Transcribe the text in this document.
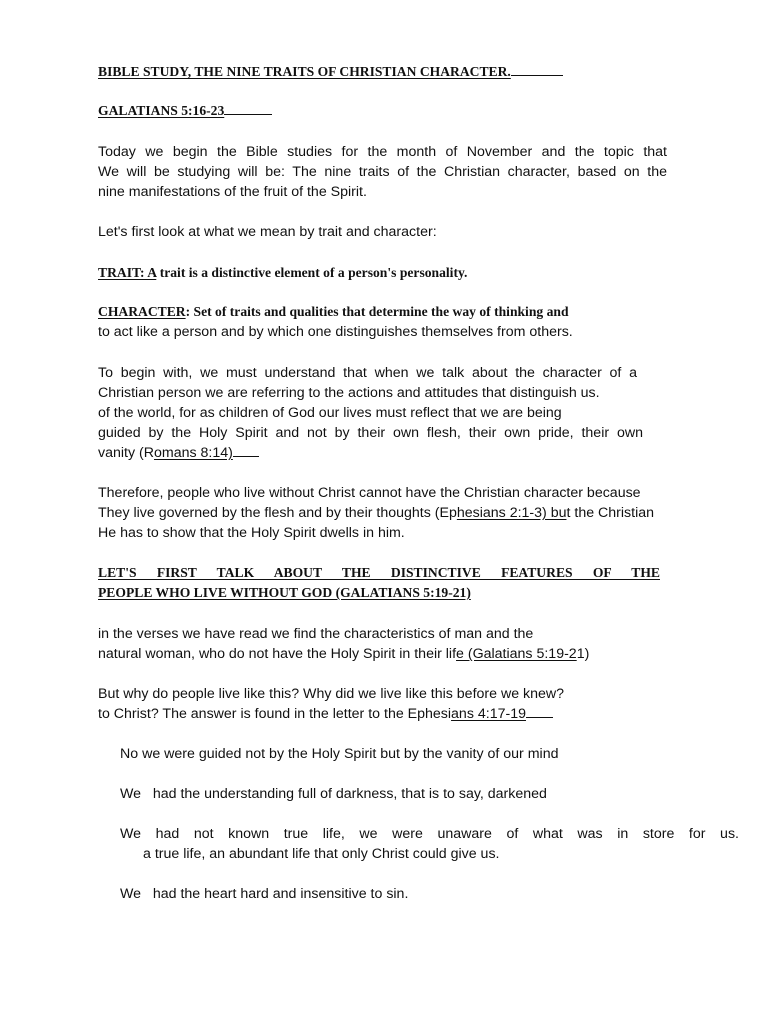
BIBLE STUDY, THE NINE TRAITS OF CHRISTIAN CHARACTER.
GALATIANS 5:16-23
Today we begin the Bible studies for the month of November and the topic that
We will be studying will be: The nine traits of the Christian character, based on the
nine manifestations of the fruit of the Spirit.
Let's first look at what we mean by trait and character:
TRAIT: A trait is a distinctive element of a person's personality.
CHARACTER: Set of traits and qualities that determine the way of thinking and
to act like a person and by which one distinguishes themselves from others.
To begin with, we must understand that when we talk about the character of a
Christian person we are referring to the actions and attitudes that distinguish us.
of the world, for as children of God our lives must reflect that we are being
guided by the Holy Spirit and not by their own flesh, their own pride, their own
vanity (Romans 8:14)
Therefore, people who live without Christ cannot have the Christian character because
They live governed by the flesh and by their thoughts (Ephesians 2:1-3) but the Christian
He has to show that the Holy Spirit dwells in him.
LET'S FIRST TALK ABOUT THE DISTINCTIVE FEATURES OF THE
PEOPLE WHO LIVE WITHOUT GOD (GALATIANS 5:19-21)
in the verses we have read we find the characteristics of man and the
natural woman, who do not have the Holy Spirit in their life (Galatians 5:19-21)
But why do people live like this? Why did we live like this before we knew?
to Christ? The answer is found in the letter to the Ephesians 4:17-19
No we were guided not by the Holy Spirit but by the vanity of our mind
We   had the understanding full of darkness, that is to say, darkened
We had not known true life, we were unaware of what was in store for us.
a true life, an abundant life that only Christ could give us.
We   had the heart hard and insensitive to sin.
